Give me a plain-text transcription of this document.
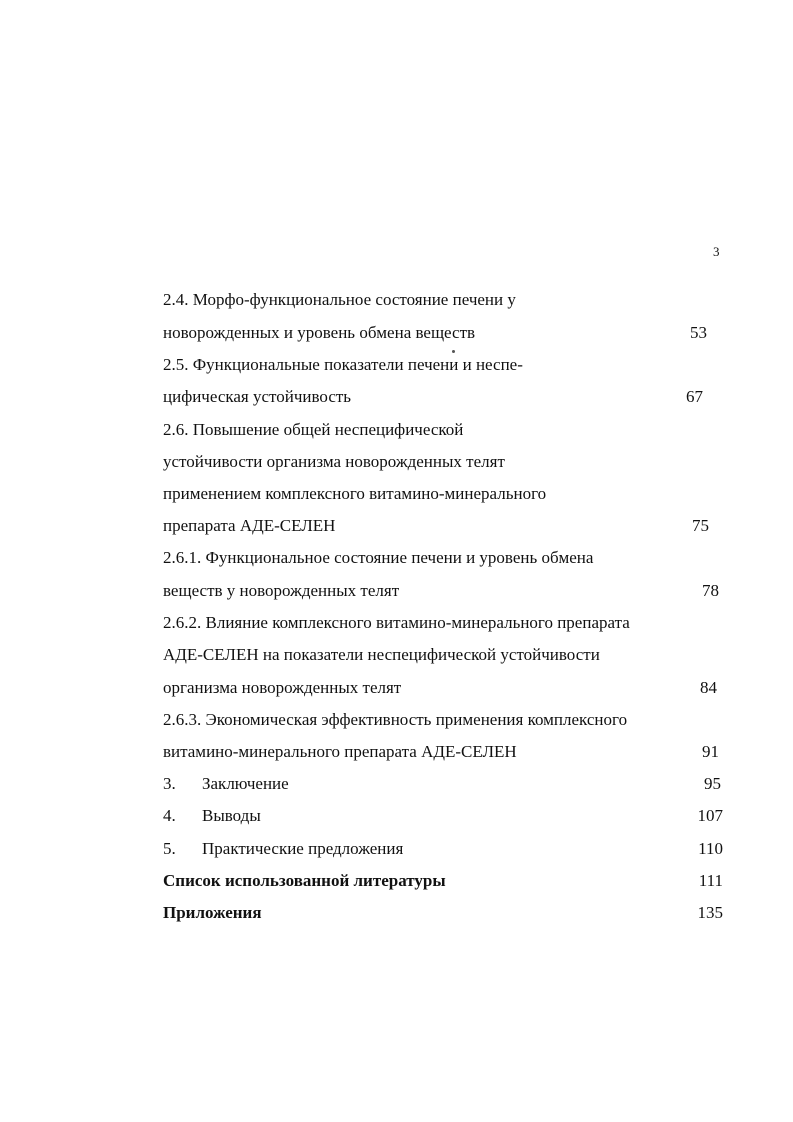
3
2.4. Морфо-функциональное состояние печени у
новорожденных и уровень обмена веществ	53
2.5. Функциональные показатели печени и неспе-
цифическая устойчивость	67
2.6. Повышение общей неспецифической
устойчивости организма новорожденных телят
применением комплексного витамино-минерального
препарата АДЕ-СЕЛЕН	75
2.6.1. Функциональное состояние печени и уровень обмена
веществ у новорожденных телят	78
2.6.2. Влияние комплексного витамино-минерального препарата
АДЕ-СЕЛЕН на показатели неспецифической устойчивости
организма новорожденных телят	84
2.6.3. Экономическая эффективность применения комплексного
витамино-минерального препарата АДЕ-СЕЛЕН	91
3. Заключение	95
4. Выводы	107
5. Практические предложения	110
Список использованной литературы	111
Приложения	135
